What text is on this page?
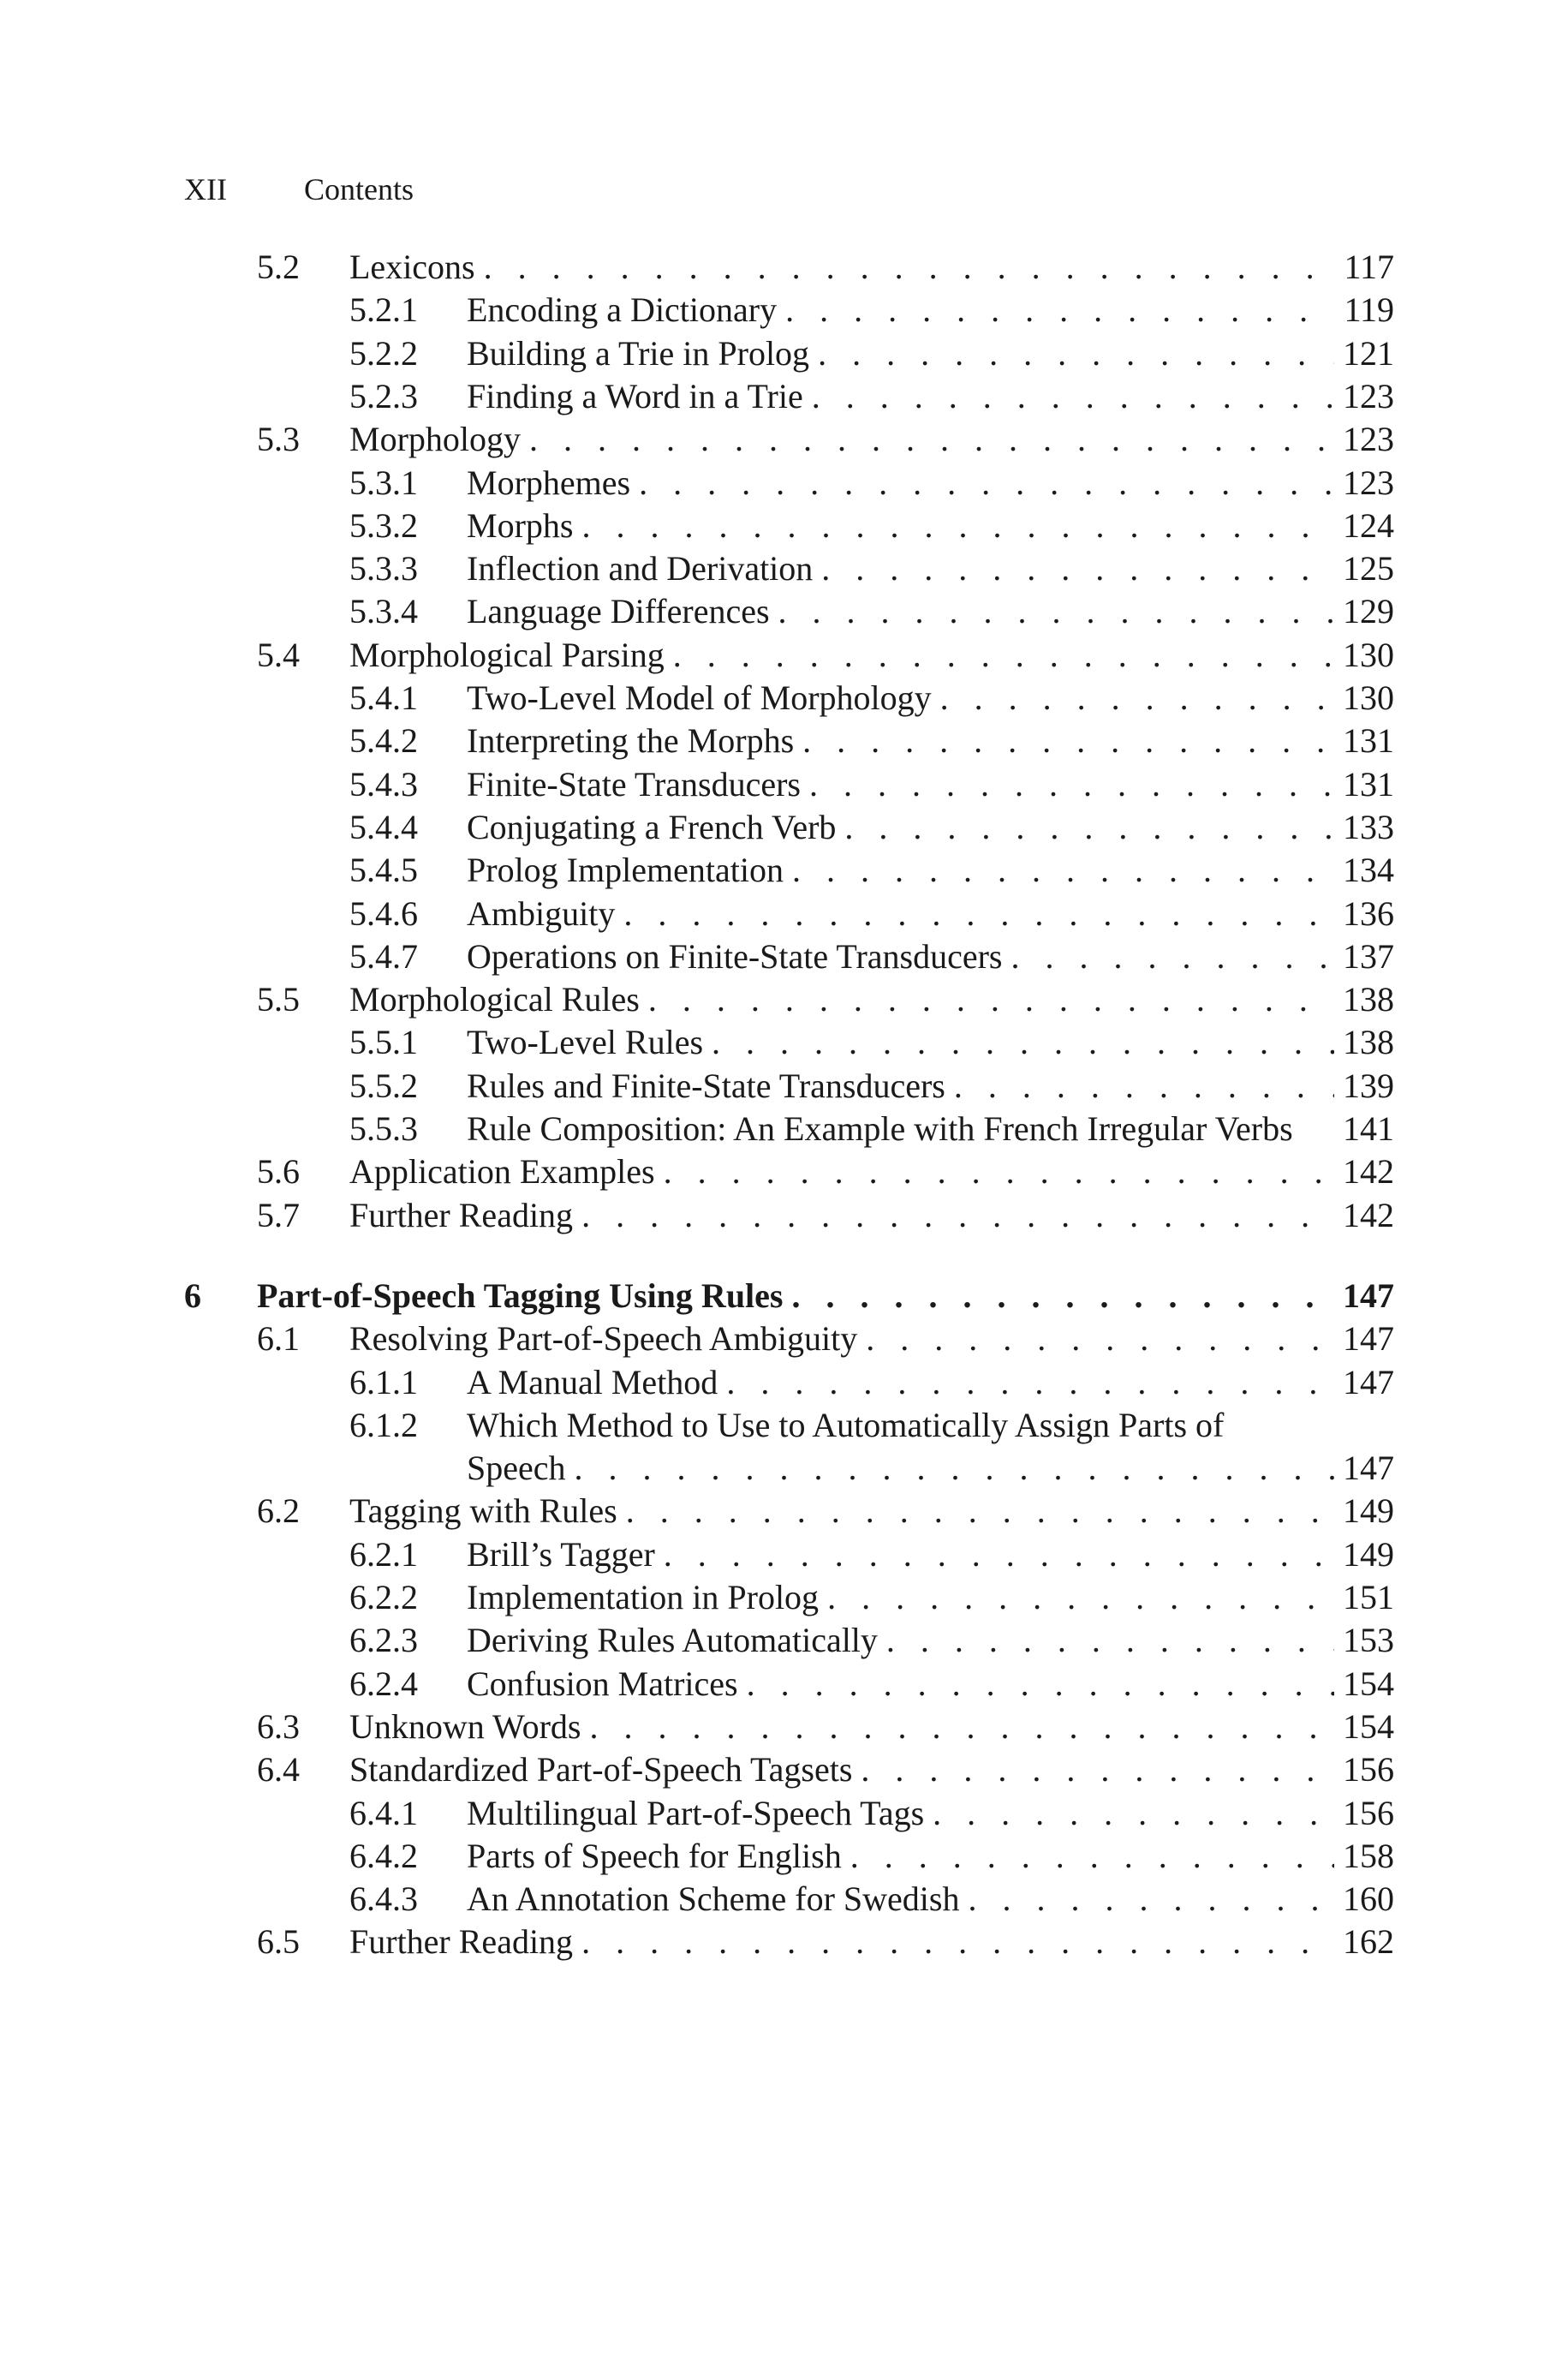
XII	Contents
5.2 Lexicons . . .	117
5.2.1 Encoding a Dictionary . . .	119
5.2.2 Building a Trie in Prolog . . .	121
5.2.3 Finding a Word in a Trie . . .	123
5.3 Morphology . . .	123
5.3.1 Morphemes . . .	123
5.3.2 Morphs . . .	124
5.3.3 Inflection and Derivation . . .	125
5.3.4 Language Differences . . .	129
5.4 Morphological Parsing . . .	130
5.4.1 Two-Level Model of Morphology . . .	130
5.4.2 Interpreting the Morphs . . .	131
5.4.3 Finite-State Transducers . . .	131
5.4.4 Conjugating a French Verb . . .	133
5.4.5 Prolog Implementation . . .	134
5.4.6 Ambiguity . . .	136
5.4.7 Operations on Finite-State Transducers . . .	137
5.5 Morphological Rules . . .	138
5.5.1 Two-Level Rules . . .	138
5.5.2 Rules and Finite-State Transducers . . .	139
5.5.3 Rule Composition: An Example with French Irregular Verbs 141
5.6 Application Examples . . .	142
5.7 Further Reading . . .	142
6 Part-of-Speech Tagging Using Rules . . .	147
6.1 Resolving Part-of-Speech Ambiguity . . .	147
6.1.1 A Manual Method . . .	147
6.1.2 Which Method to Use to Automatically Assign Parts of
Speech . . .	147
6.2 Tagging with Rules . . .	149
6.2.1 Brill’s Tagger . . .	149
6.2.2 Implementation in Prolog . . .	151
6.2.3 Deriving Rules Automatically . . .	153
6.2.4 Confusion Matrices . . .	154
6.3 Unknown Words . . .	154
6.4 Standardized Part-of-Speech Tagsets . . .	156
6.4.1 Multilingual Part-of-Speech Tags . . .	156
6.4.2 Parts of Speech for English . . .	158
6.4.3 An Annotation Scheme for Swedish . . .	160
6.5 Further Reading . . .	162
